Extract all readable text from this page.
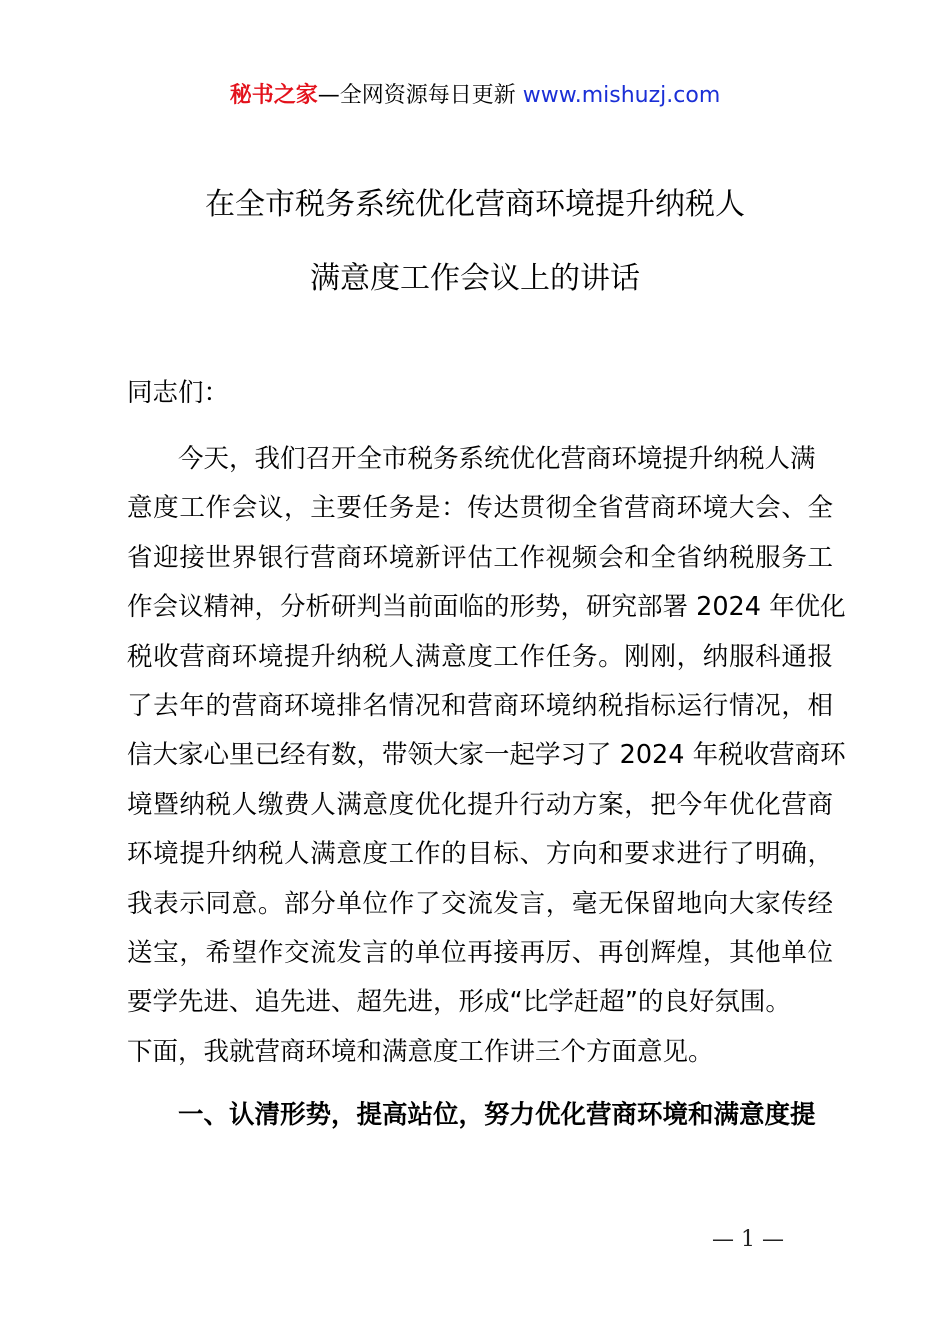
秘书之家—全网资源每日更新 www.mishuzj.com
在全市税务系统优化营商环境提升纳税人
满意度工作会议上的讲话
同志们：
今天，我们召开全市税务系统优化营商环境提升纳税人满
意度工作会议，主要任务是：传达贯彻全省营商环境大会、全
省迎接世界银行营商环境新评估工作视频会和全省纳税服务工
作会议精神，分析研判当前面临的形势，研究部署 2024 年优化
税收营商环境提升纳税人满意度工作任务。刚刚，纳服科通报
了去年的营商环境排名情况和营商环境纳税指标运行情况，相
信大家心里已经有数，带领大家一起学习了 2024 年税收营商环
境暨纳税人缴费人满意度优化提升行动方案，把今年优化营商
环境提升纳税人满意度工作的目标、方向和要求进行了明确，
我表示同意。部分单位作了交流发言，毫无保留地向大家传经
送宝，希望作交流发言的单位再接再厉、再创辉煌，其他单位
要学先进、追先进、超先进，形成“比学赶超”的良好氛围。
下面，我就营商环境和满意度工作讲三个方面意见。
一、认清形势，提高站位，努力优化营商环境和满意度提
— 1 —
